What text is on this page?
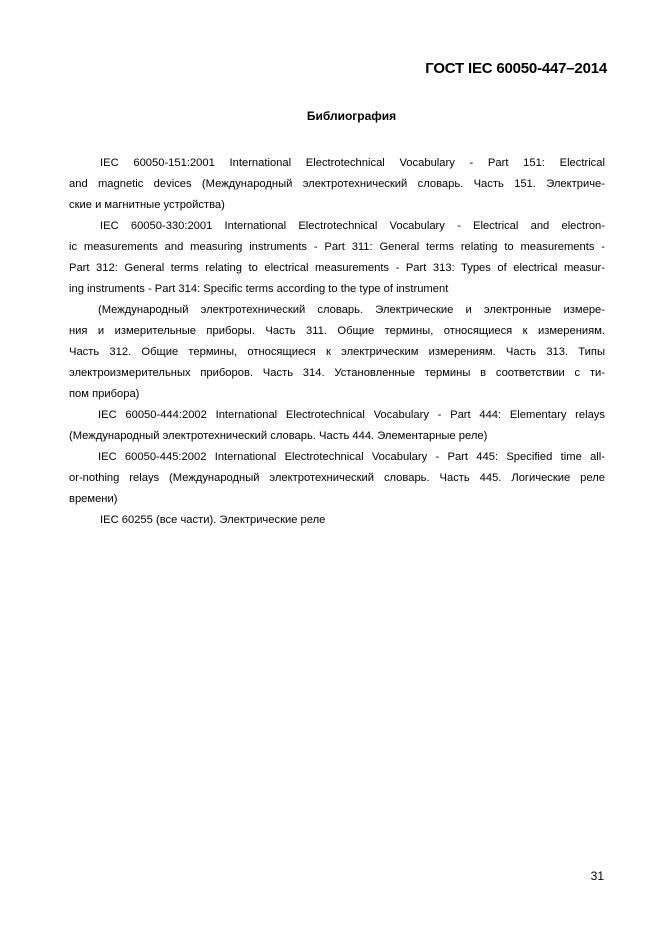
ГОСТ IEC 60050-447–2014
Библиография
IEC 60050-151:2001 International Electrotechnical Vocabulary - Part 151: Electrical
and magnetic devices (Международный электротехнический словарь. Часть 151. Электриче-
ские и магнитные устройства)
IEC 60050-330:2001 International Electrotechnical Vocabulary - Electrical and electron-
ic measurements and measuring instruments - Part 311: General terms relating to measurements -
Part 312: General terms relating to electrical measurements - Part 313: Types of electrical measur-
ing instruments - Part 314: Specific terms according to the type of instrument
(Международный электротехнический словарь. Электрические и электронные измере-
ния и измерительные приборы. Часть 311. Общие термины, относящиеся к измерениям.
Часть 312. Общие термины, относящиеся к электрическим измерениям. Часть 313. Типы
электроизмерительных приборов. Часть 314. Установленные термины в соответствии с ти-
пом прибора)
IEC 60050-444:2002 International Electrotechnical Vocabulary - Part 444: Elementary relays
(Международный электротехнический словарь. Часть 444. Элементарные реле)
IEC 60050-445:2002 International Electrotechnical Vocabulary - Part 445: Specified time all-
or-nothing relays (Международный электротехнический словарь. Часть 445. Логические реле
времени)
IEC 60255 (все части). Электрические реле
31
